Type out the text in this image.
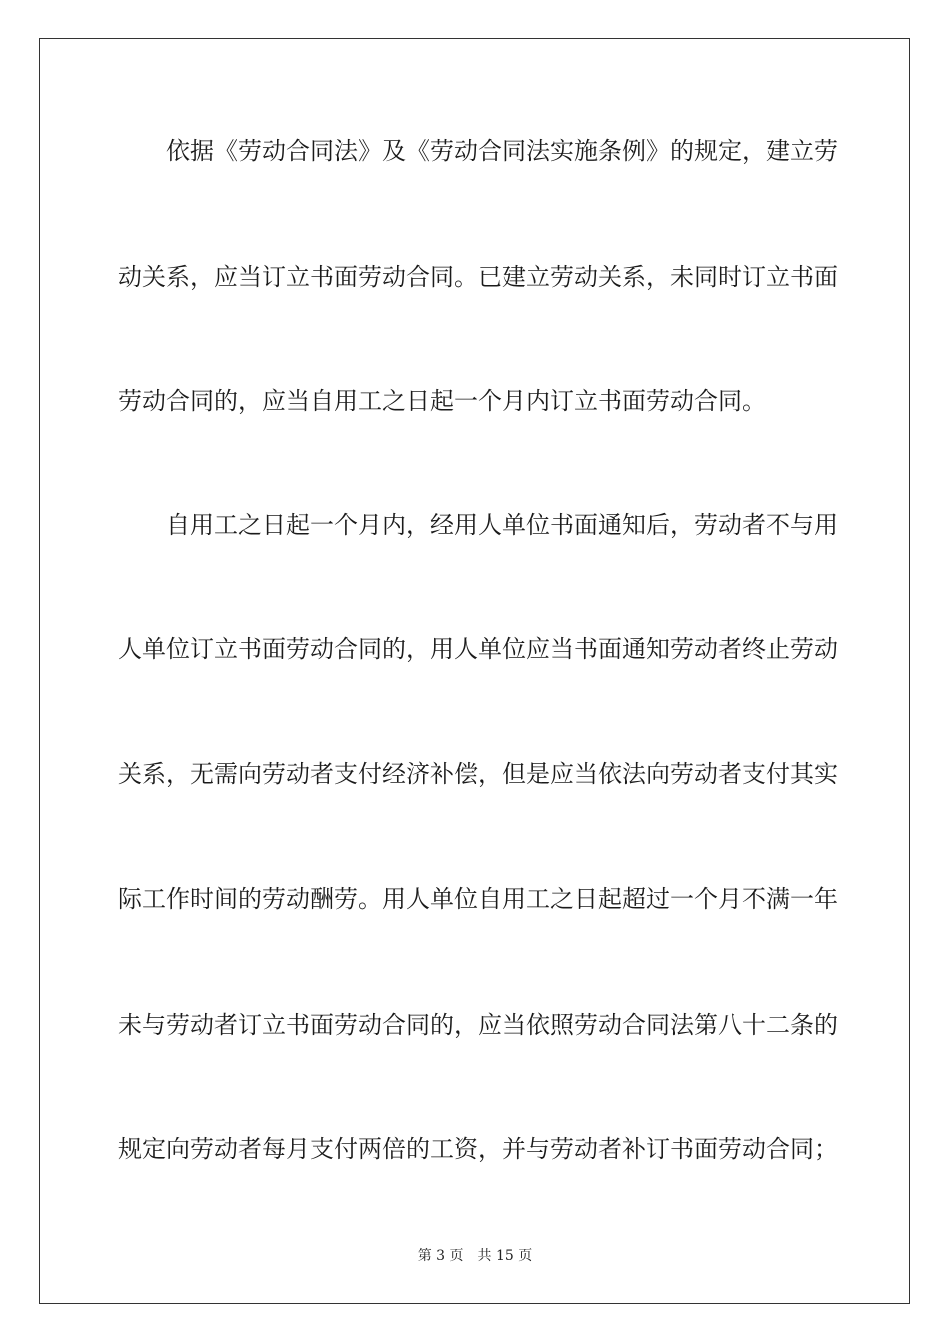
依据《劳动合同法》及《劳动合同法实施条例》的规定，建立劳
动关系，应当订立书面劳动合同。已建立劳动关系，未同时订立书面
劳动合同的，应当自用工之日起一个月内订立书面劳动合同。
自用工之日起一个月内，经用人单位书面通知后，劳动者不与用
人单位订立书面劳动合同的，用人单位应当书面通知劳动者终止劳动
关系，无需向劳动者支付经济补偿，但是应当依法向劳动者支付其实
际工作时间的劳动酬劳。用人单位自用工之日起超过一个月不满一年
未与劳动者订立书面劳动合同的，应当依照劳动合同法第八十二条的
规定向劳动者每月支付两倍的工资，并与劳动者补订书面劳动合同；
第 3 页 共 15 页
